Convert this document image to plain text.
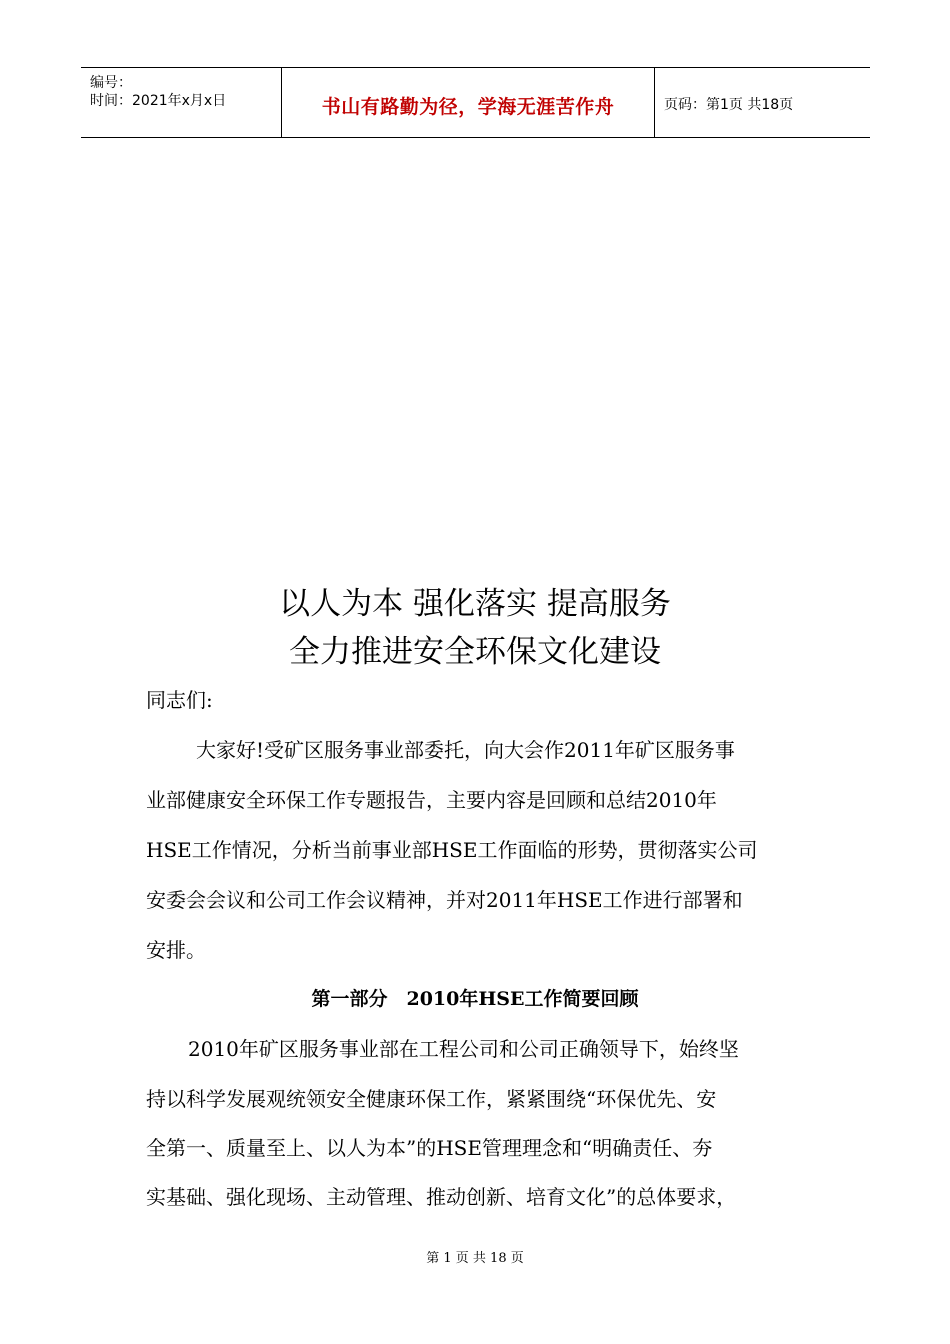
编号：
时间：2021年x月x日	书山有路勤为径，学海无涯苦作舟	页码：第1页 共18页
以人为本 强化落实 提高服务
全力推进安全环保文化建设
同志们:
大家好!受矿区服务事业部委托，向大会作2011年矿区服务事
业部健康安全环保工作专题报告，主要内容是回顾和总结2010年
HSE工作情况，分析当前事业部HSE工作面临的形势，贯彻落实公司
安委会会议和公司工作会议精神，并对2011年HSE工作进行部署和
安排。
第一部分　2010年HSE工作简要回顾
2010年矿区服务事业部在工程公司和公司正确领导下，始终坚
持以科学发展观统领安全健康环保工作，紧紧围绕“环保优先、安
全第一、质量至上、以人为本”的HSE管理理念和“明确责任、夯
实基础、强化现场、主动管理、推动创新、培育文化”的总体要求，
第 1 页 共 18 页
